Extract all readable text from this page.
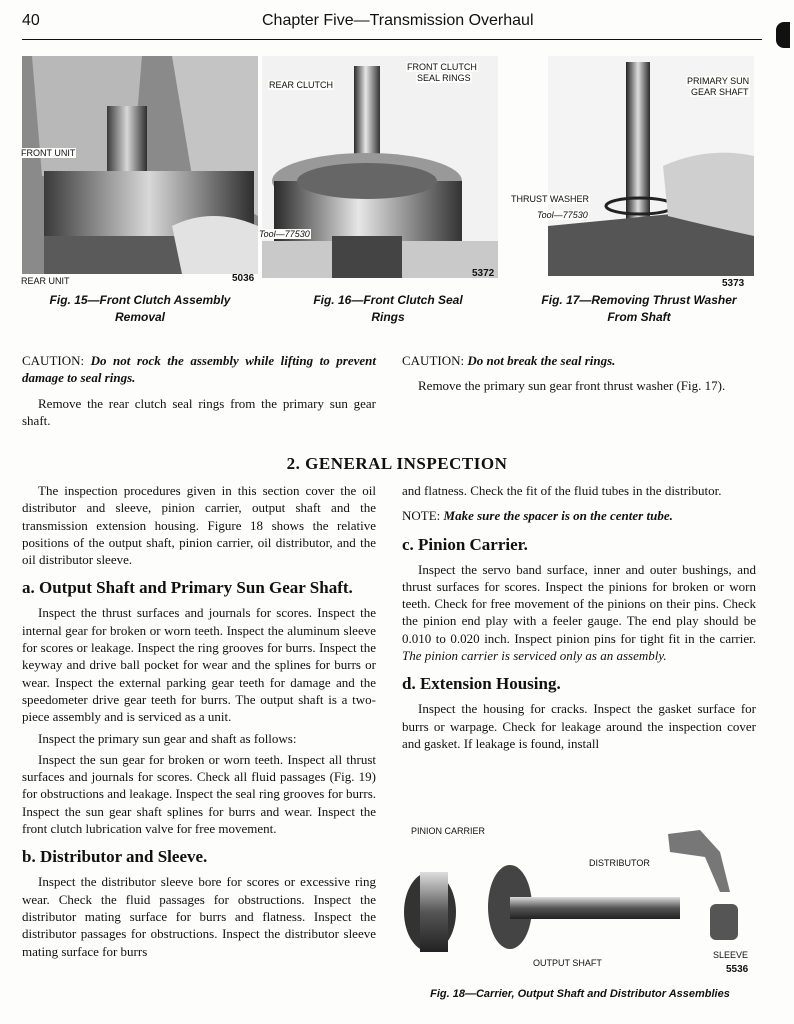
40	Chapter Five—Transmission Overhaul
FRONT UNIT
REAR UNIT	5036
REAR CLUTCH
FRONT CLUTCH
SEAL RINGS
Tool—77530
5372
PRIMARY SUN
GEAR SHAFT
THRUST WASHER
Tool—77530
5373
Fig. 15—Front Clutch Assembly
Removal
Fig. 16—Front Clutch Seal
Rings
Fig. 17—Removing Thrust Washer
From Shaft

CAUTION: Do not rock the assembly while lifting to prevent damage to seal rings.

Remove the rear clutch seal rings from the primary sun gear shaft.

CAUTION: Do not break the seal rings.

Remove the primary sun gear front thrust washer (Fig. 17).

2. GENERAL INSPECTION

The inspection procedures given in this section cover the oil distributor and sleeve, pinion carrier, output shaft and the transmission extension housing. Figure 18 shows the relative positions of the output shaft, pinion carrier, oil distributor, and the oil distributor sleeve.

a. Output Shaft and Primary Sun Gear Shaft.

Inspect the thrust surfaces and journals for scores. Inspect the internal gear for broken or worn teeth. Inspect the aluminum sleeve for scores or leakage. Inspect the ring grooves for burrs. Inspect the keyway and drive ball pocket for wear and the splines for burrs or wear. Inspect the external parking gear teeth for damage and the speedometer drive gear teeth for burrs. The output shaft is a two-piece assembly and is serviced as a unit.

Inspect the primary sun gear and shaft as follows:

Inspect the sun gear for broken or worn teeth. Inspect all thrust surfaces and journals for scores. Check all fluid passages (Fig. 19) for obstructions and leakage. Inspect the seal ring grooves for burrs. Inspect the sun gear shaft splines for burrs and wear. Inspect the front clutch lubrication valve for free movement.

b. Distributor and Sleeve.

Inspect the distributor sleeve bore for scores or excessive ring wear. Check the fluid passages for obstructions. Inspect the distributor mating surface for burrs and flatness. Inspect the distributor passages for obstructions. Inspect the distributor sleeve mating surface for burrs

and flatness. Check the fit of the fluid tubes in the distributor.

NOTE: Make sure the spacer is on the center tube.

c. Pinion Carrier.

Inspect the servo band surface, inner and outer bushings, and thrust surfaces for scores. Inspect the pinions for broken or worn teeth. Check for free movement of the pinions on their pins. Check the pinion end play with a feeler gauge. The end play should be 0.010 to 0.020 inch. Inspect pinion pins for tight fit in the carrier. The pinion carrier is serviced only as an assembly.

d. Extension Housing.

Inspect the housing for cracks. Inspect the gasket surface for burrs or warpage. Check for leakage around the inspection cover and gasket. If leakage is found, install

PINION CARRIER
DISTRIBUTOR
OUTPUT SHAFT
SLEEVE
5536
Fig. 18—Carrier, Output Shaft and Distributor Assemblies
